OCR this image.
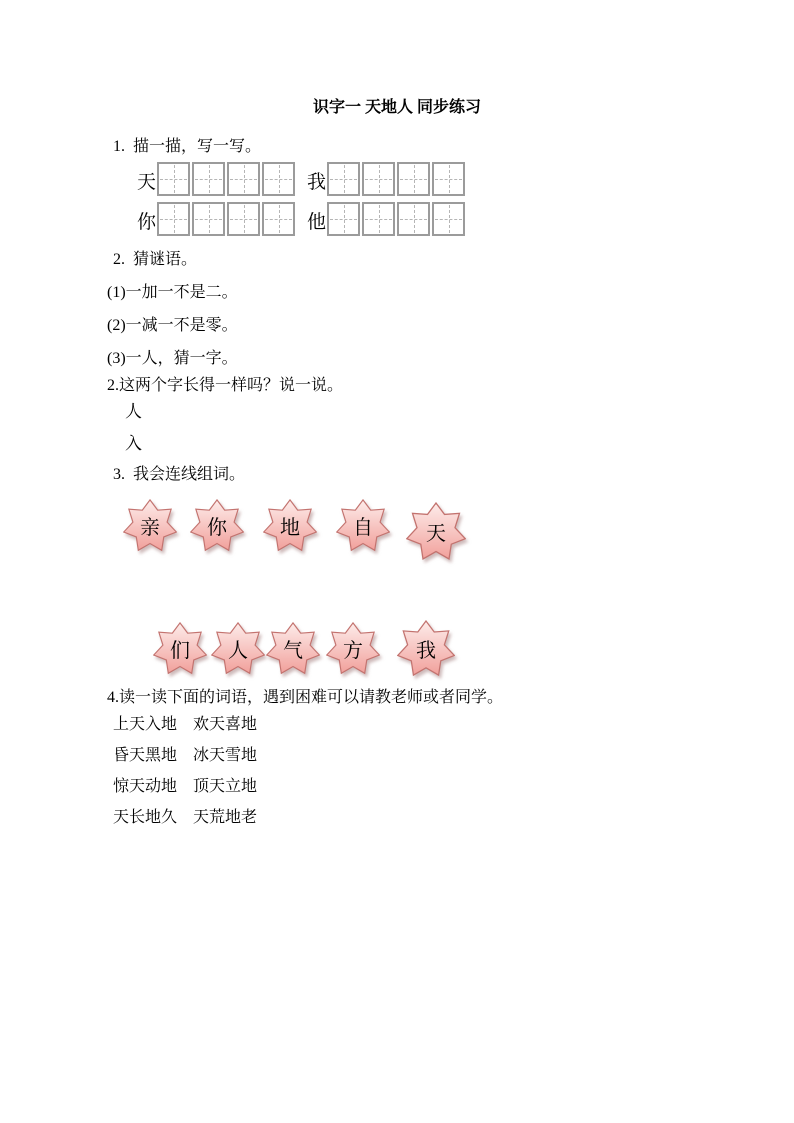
识字一 天地人 同步练习
1.  描一描，写一写。
天	我
你	他
2.  猜谜语。
(1)一加一不是二。
(2)一减一不是零。
(3)一人，猜一字。
2.这两个字长得一样吗？说一说。
人
入
3.  我会连线组词。
亲	你	地	自	天
们	人	气	方	我
4.读一读下面的词语，遇到困难可以请教老师或者同学。
上天入地　欢天喜地
昏天黑地　冰天雪地
惊天动地　顶天立地
天长地久　天荒地老
